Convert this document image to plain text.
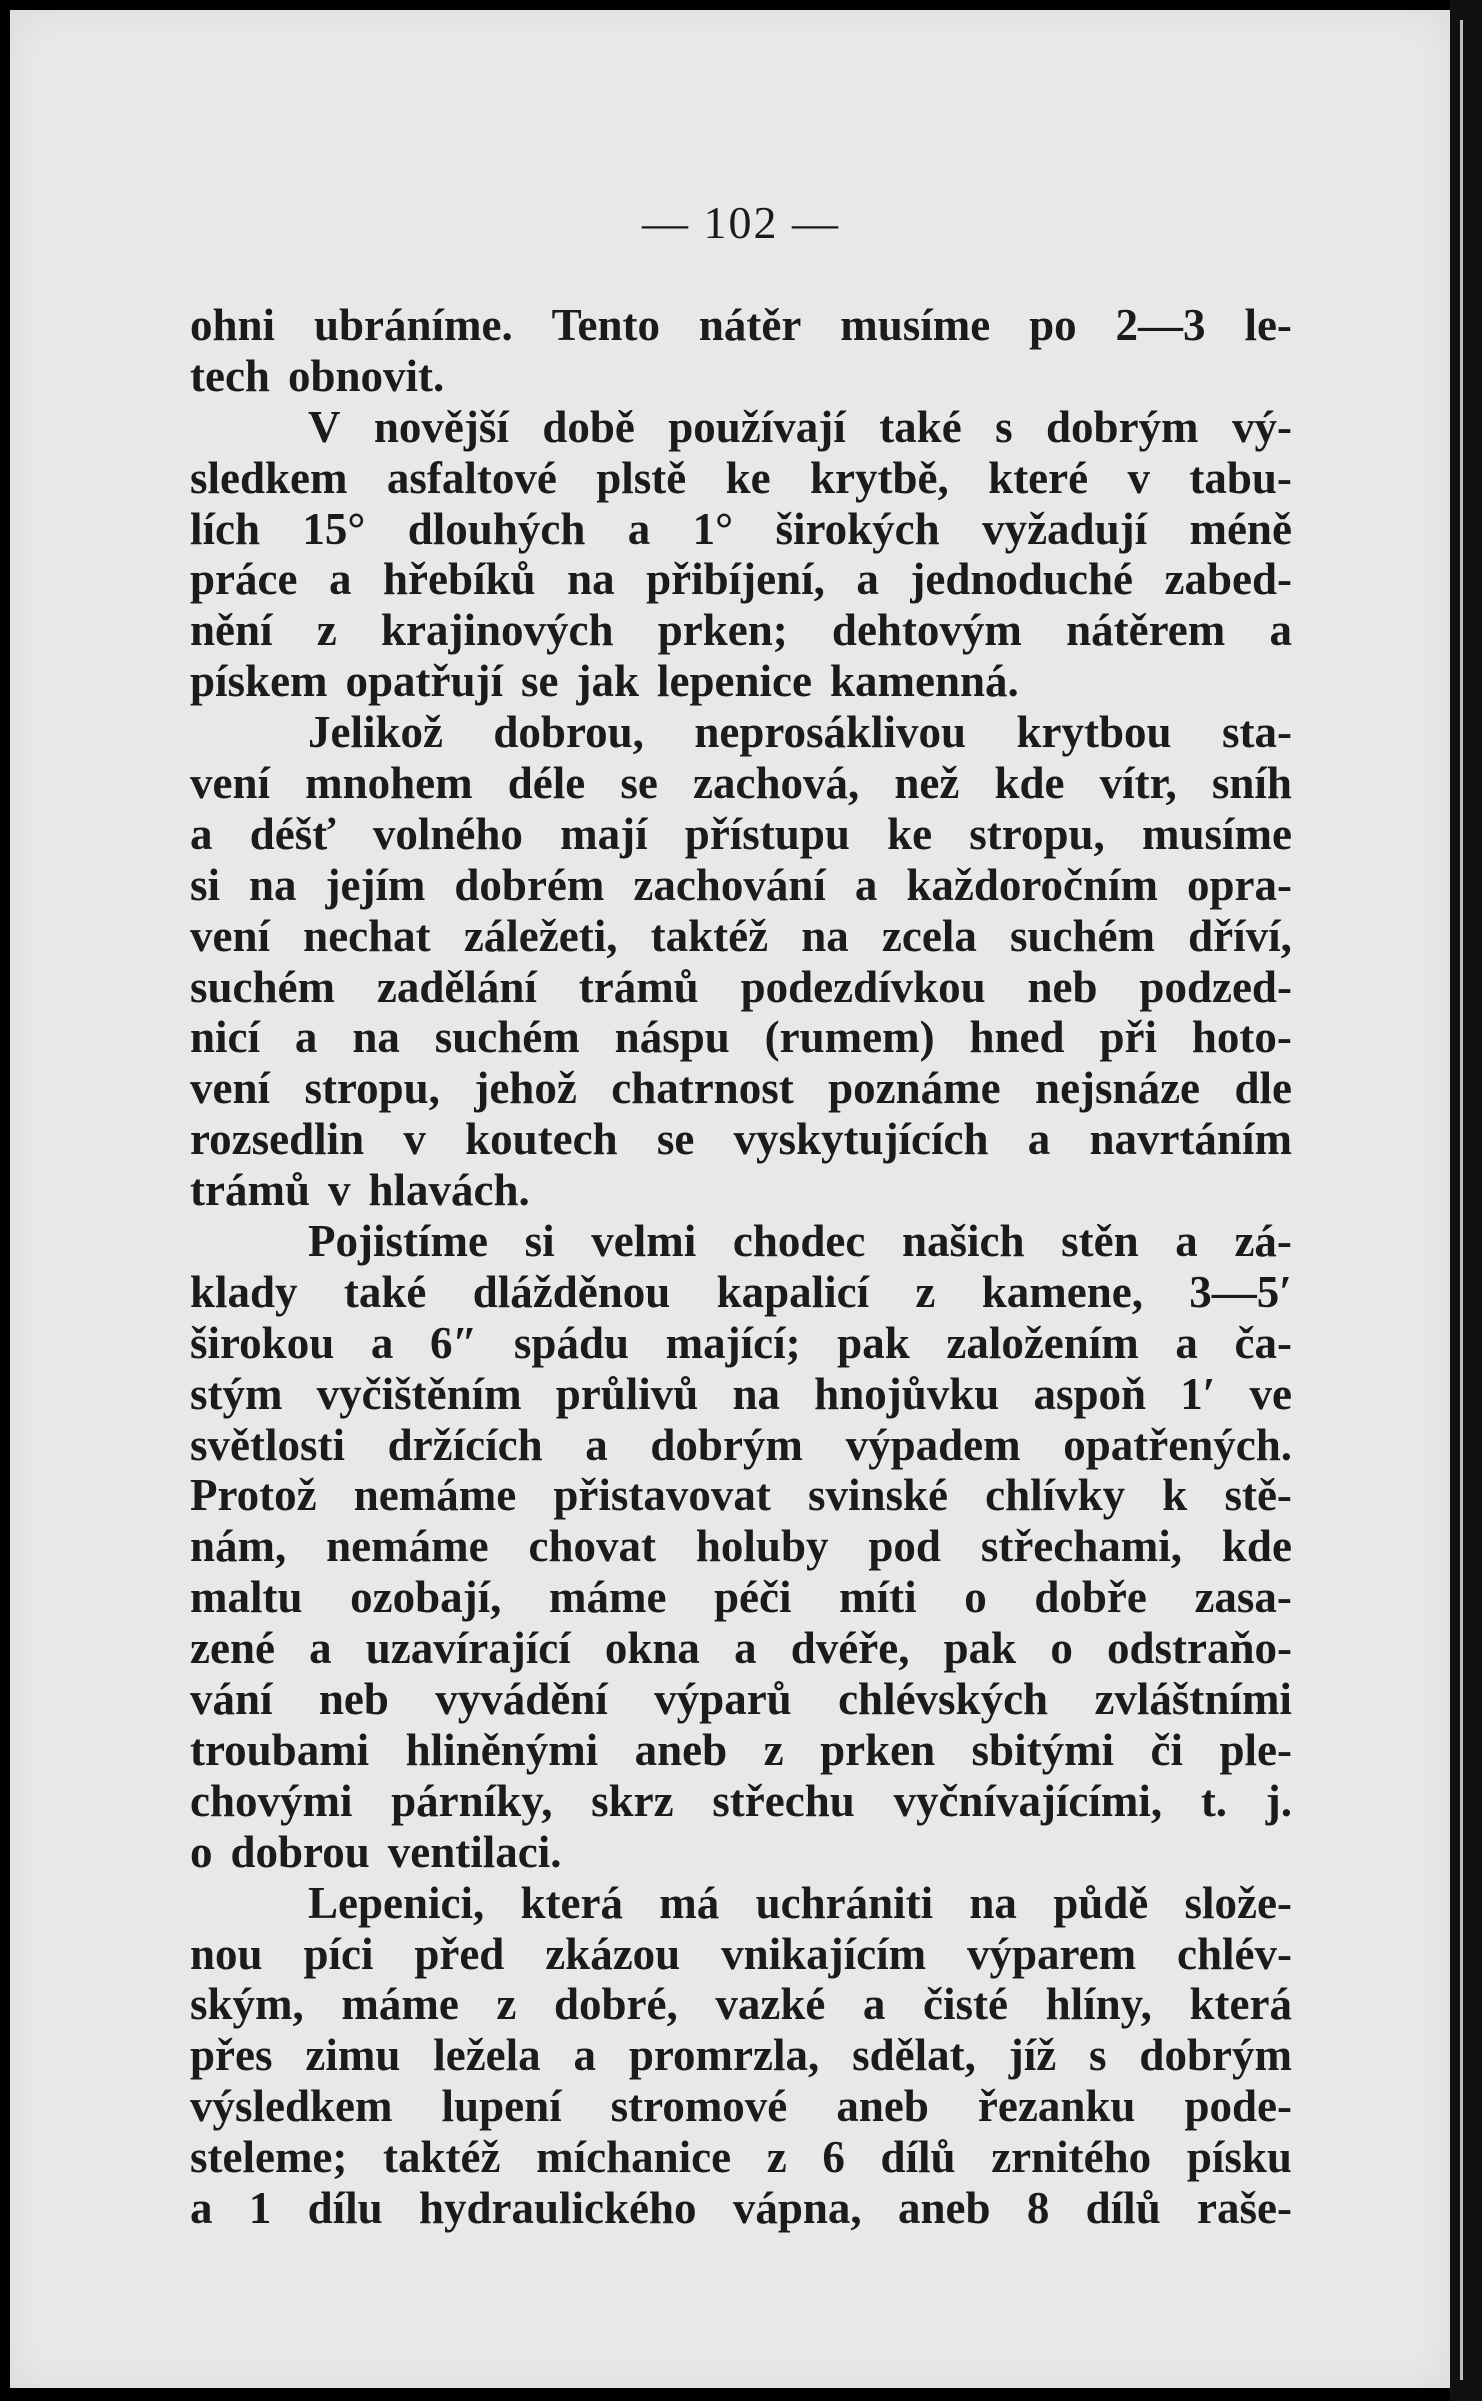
— 102 —
ohni ubráníme. Tento nátěr musíme po 2—3 le-
tech obnovit.
V novější době používají také s dobrým vý-
sledkem asfaltové plstě ke krytbě, které v tabu-
lích 15° dlouhých a 1° širokých vyžadují méně
práce a hřebíků na přibíjení, a jednoduché zabed-
nění z krajinových prken; dehtovým nátěrem a
pískem opatřují se jak lepenice kamenná.
Jelikož dobrou, neprosáklivou krytbou sta-
vení mnohem déle se zachová, než kde vítr, sníh
a déšť volného mají přístupu ke stropu, musíme
si na jejím dobrém zachování a každoročním opra-
vení nechat záležeti, taktéž na zcela suchém dříví,
suchém zadělání trámů podezdívkou neb podzed-
nicí a na suchém náspu (rumem) hned při hoto-
vení stropu, jehož chatrnost poznáme nejsnáze dle
rozsedlin v koutech se vyskytujících a navrtáním
trámů v hlavách.
Pojistíme si velmi chodec našich stěn a zá-
klady také dlážděnou kapalicí z kamene, 3—5′
širokou a 6″ spádu mající; pak založením a ča-
stým vyčištěním průlivů na hnojůvku aspoň 1′ ve
světlosti držících a dobrým výpadem opatřených.
Protož nemáme přistavovat svinské chlívky k stě-
nám, nemáme chovat holuby pod střechami, kde
maltu ozobají, máme péči míti o dobře zasa-
zené a uzavírající okna a dvéře, pak o odstraňo-
vání neb vyvádění výparů chlévských zvláštními
troubami hliněnými aneb z prken sbitými či ple-
chovými párníky, skrz střechu vyčnívajícími, t. j.
o dobrou ventilaci.
Lepenici, která má uchrániti na půdě slože-
nou píci před zkázou vnikajícím výparem chlév-
ským, máme z dobré, vazké a čisté hlíny, která
přes zimu ležela a promrzla, sdělat, jíž s dobrým
výsledkem lupení stromové aneb řezanku pode-
steleme; taktéž míchanice z 6 dílů zrnitého písku
a 1 dílu hydraulického vápna, aneb 8 dílů raše-
